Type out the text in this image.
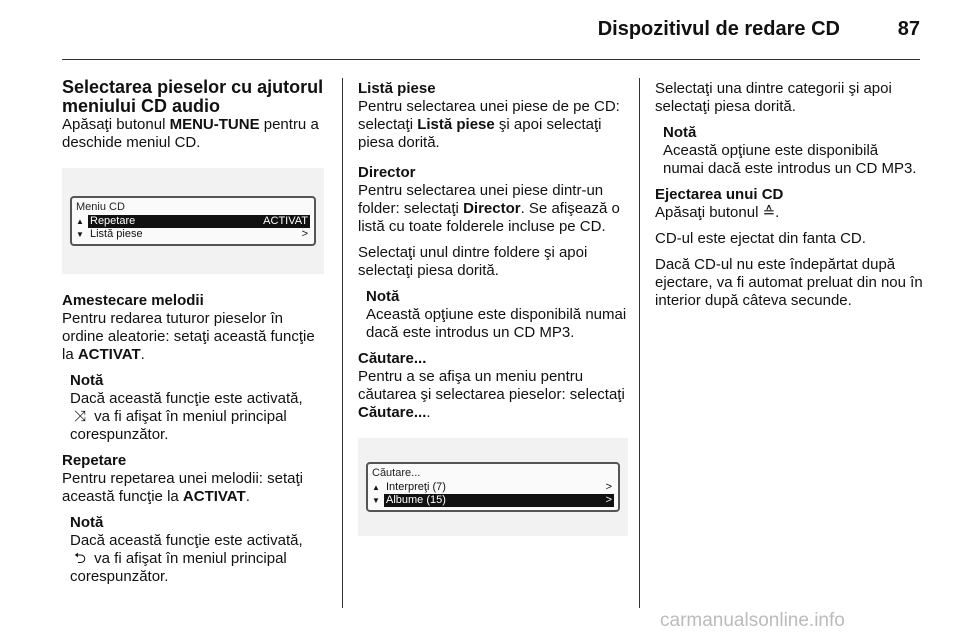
Dispozitivul de redare CD	87
Selectarea pieselor cu ajutorul meniului CD audio

Apăsaţi butonul MENU-TUNE pentru a deschide meniul CD.

Meniu CD
▲ Repetare	ACTIVAT
▼ Listă piese	>

Amestecare melodii
Pentru redarea tuturor pieselor în ordine aleatorie: setaţi această funcţie la ACTIVAT.

Notă
Dacă această funcţie este activată,
⤨ va fi afişat în meniul principal corespunzător.

Repetare
Pentru repetarea unei melodii: setaţi această funcţie la ACTIVAT.

Notă
Dacă această funcţie este activată,
⮌ va fi afişat în meniul principal corespunzător.

Listă piese
Pentru selectarea unei piese de pe CD: selectaţi Listă piese şi apoi selectaţi piesa dorită.

Director
Pentru selectarea unei piese dintr-un folder: selectaţi Director. Se afişează o listă cu toate folderele incluse pe CD.

Selectaţi unul dintre foldere şi apoi selectaţi piesa dorită.

Notă
Această opţiune este disponibilă numai dacă este introdus un CD MP3.

Căutare...
Pentru a se afişa un meniu pentru căutarea şi selectarea pieselor: selectaţi Căutare....

Căutare...
▲ Interpreţi (7)	>
▼ Albume (15)	>

Selectaţi una dintre categorii şi apoi selectaţi piesa dorită.

Notă
Această opţiune este disponibilă numai dacă este introdus un CD MP3.

Ejectarea unui CD
Apăsaţi butonul ≙.

CD-ul este ejectat din fanta CD.

Dacă CD-ul nu este îndepărtat după ejectare, va fi automat preluat din nou în interior după câteva secunde.

carmanualsonline.info
